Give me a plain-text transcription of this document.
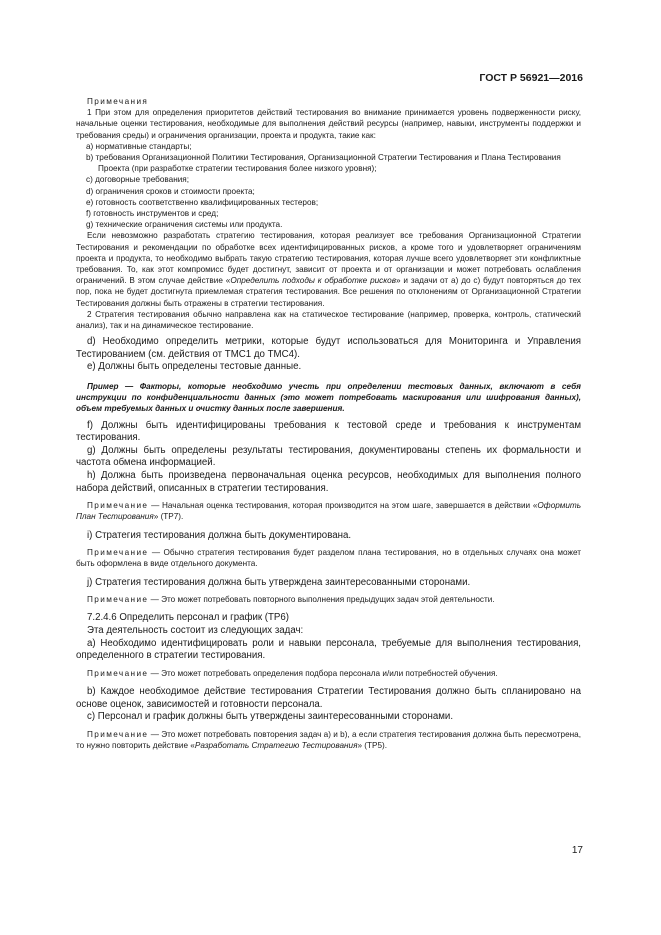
ГОСТ Р 56921—2016

Примечания

1 При этом для определения приоритетов действий тестирования во внимание принимается уровень подверженности риску, начальные оценки тестирования, необходимые для выполнения действий ресурсы (например, навыки, инструменты поддержки и требования среды) и ограничения организации, проекта и продукта, такие как:

a) нормативные стандарты;

b) требования Организационной Политики Тестирования, Организационной Стратегии Тестирования и Плана Тестирования Проекта (при разработке стратегии тестирования более низкого уровня);

c) договорные требования;

d) ограничения сроков и стоимости проекта;

e) готовность соответственно квалифицированных тестеров;

f) готовность инструментов и сред;

g) технические ограничения системы или продукта.

Если невозможно разработать стратегию тестирования, которая реализует все требования Организационной Стратегии Тестирования и рекомендации по обработке всех идентифицированных рисков, а кроме того и удовлетворяет ограничениям проекта и продукта, то необходимо выбрать такую стратегию тестирования, которая лучше всего удовлетворяет эти конфликтные требования. То, как этот компромисс будет достигнут, зависит от проекта и от организации и может потребовать ослабления ограничений. В этом случае действие «Определить подходы к обработке рисков» и задачи от а) до с) будут повторяться до тех пор, пока не будет достигнута приемлемая стратегия тестирования. Все решения по отклонениям от Организационной Стратегии Тестирования должны быть отражены в стратегии тестирования.

2 Стратегия тестирования обычно направлена как на статическое тестирование (например, проверка, контроль, статический анализ), так и на динамическое тестирование.

d) Необходимо определить метрики, которые будут использоваться для Мониторинга и Управления Тестированием (см. действия от ТМС1 до ТМС4).

e) Должны быть определены тестовые данные.

Пример — Факторы, которые необходимо учесть при определении тестовых данных, включают в себя инструкции по конфиденциальности данных (это может потребовать маскирования или шифрования данных), объем требуемых данных и очистку данных после завершения.

f) Должны быть идентифицированы требования к тестовой среде и требования к инструментам тестирования.

g) Должны быть определены результаты тестирования, документированы степень их формальности и частота обмена информацией.

h) Должна быть произведена первоначальная оценка ресурсов, необходимых для выполнения полного набора действий, описанных в стратегии тестирования.

Примечание — Начальная оценка тестирования, которая производится на этом шаге, завершается в действии «Оформить План Тестирования» (ТР7).

i) Стратегия тестирования должна быть документирована.

Примечание — Обычно стратегия тестирования будет разделом плана тестирования, но в отдельных случаях она может быть оформлена в виде отдельного документа.

j) Стратегия тестирования должна быть утверждена заинтересованными сторонами.

Примечание — Это может потребовать повторного выполнения предыдущих задач этой деятельности.

7.2.4.6 Определить персонал и график (ТР6)

Эта деятельность состоит из следующих задач:

a) Необходимо идентифицировать роли и навыки персонала, требуемые для выполнения тестирования, определенного в стратегии тестирования.

Примечание — Это может потребовать определения подбора персонала и/или потребностей обучения.

b) Каждое необходимое действие тестирования Стратегии Тестирования должно быть спланировано на основе оценок, зависимостей и готовности персонала.

c) Персонал и график должны быть утверждены заинтересованными сторонами.

Примечание — Это может потребовать повторения задач а) и b), а если стратегия тестирования должна быть пересмотрена, то нужно повторить действие «Разработать Стратегию Тестирования» (ТР5).

17
